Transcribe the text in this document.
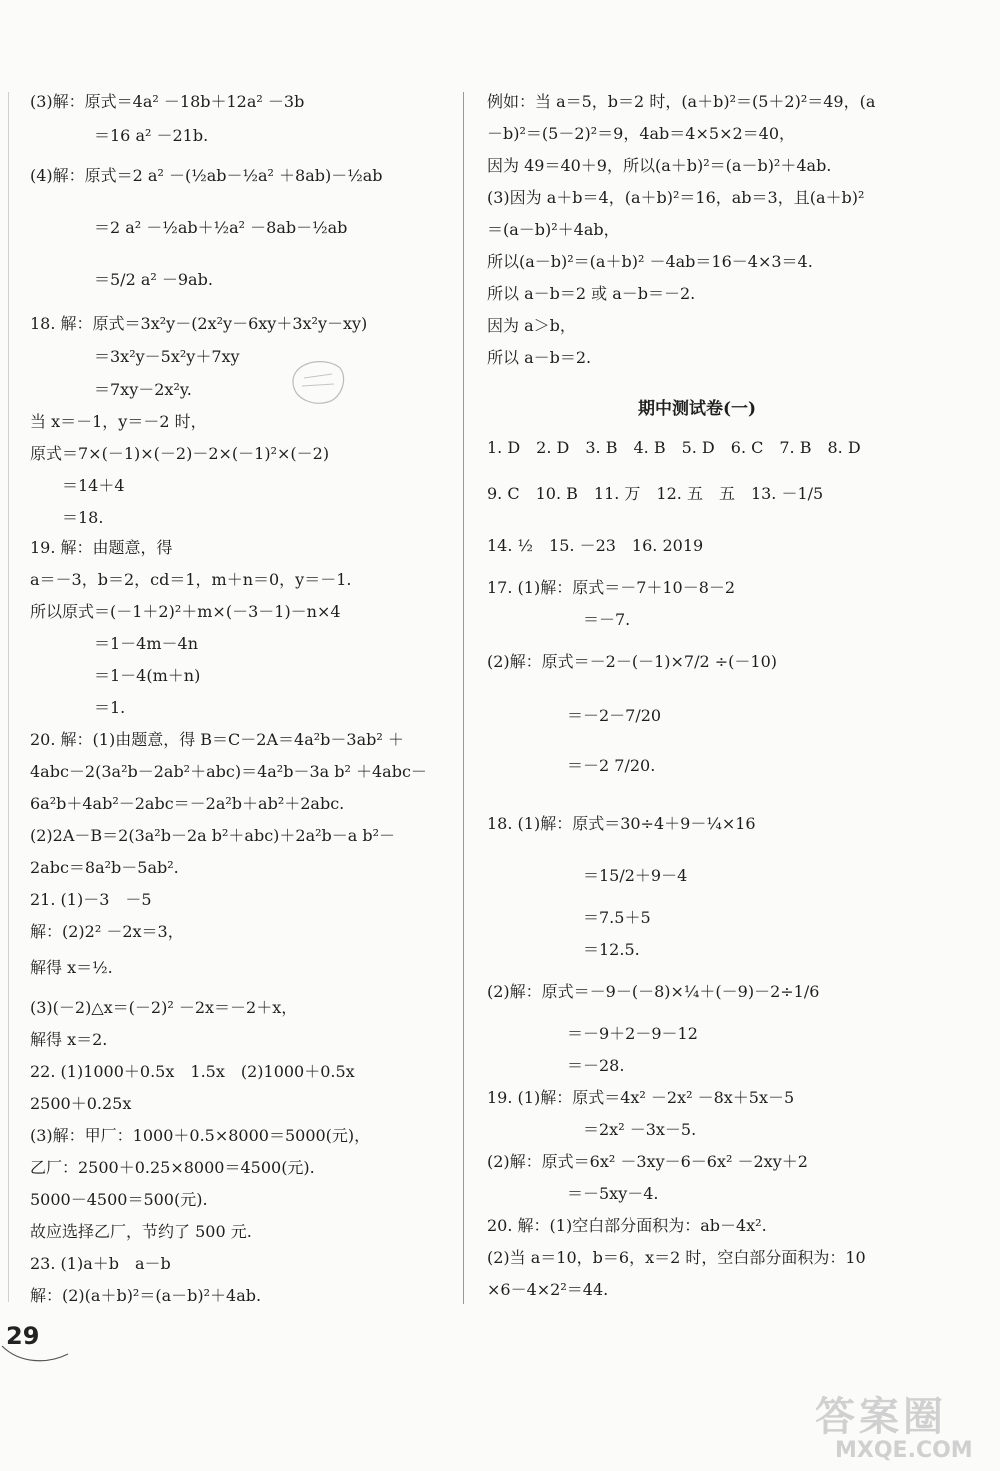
(3)解：原式＝4a² －18b＋12a² －3b
　　　　＝16 a² －21b.
(4)解：原式＝2 a² －(½ab－½a² ＋8ab)－½ab
　　　　＝2 a² －½ab＋½a² －8ab－½ab
　　　　＝5/2 a² －9ab.
18. 解：原式＝3x²y－(2x²y－6xy＋3x²y－xy)
　　　　＝3x²y－5x²y＋7xy
　　　　＝7xy－2x²y.
当 x＝－1，y＝－2 时，
原式＝7×(－1)×(－2)－2×(－1)²×(－2)
　　＝14＋4
　　＝18.
19. 解：由题意，得
a＝－3，b＝2，cd＝1，m＋n＝0，y＝－1.
所以原式＝(－1＋2)²＋m×(－3－1)－n×4
　　　　＝1－4m－4n
　　　　＝1－4(m＋n)
　　　　＝1.
20. 解：(1)由题意，得 B＝C－2A＝4a²b－3ab² ＋
4abc－2(3a²b－2ab²＋abc)＝4a²b－3a b² ＋4abc－
6a²b＋4ab²－2abc＝－2a²b＋ab²＋2abc.
(2)2A－B＝2(3a²b－2a b²＋abc)＋2a²b－a b²－
2abc＝8a²b－5ab².
21. (1)－3　－5
解：(2)2² －2x＝3，
解得 x＝½.
(3)(－2)△x＝(－2)² －2x＝－2＋x，
解得 x＝2.
22. (1)1000＋0.5x　1.5x　(2)1000＋0.5x
2500＋0.25x
(3)解：甲厂：1000＋0.5×8000＝5000(元)，
乙厂：2500＋0.25×8000＝4500(元).
5000－4500＝500(元).
故应选择乙厂，节约了 500 元.
23. (1)a＋b　a－b
解：(2)(a＋b)²＝(a－b)²＋4ab.
例如：当 a＝5，b＝2 时，(a＋b)²＝(5＋2)²＝49，(a
－b)²＝(5－2)²＝9，4ab＝4×5×2＝40，
因为 49＝40＋9，所以(a＋b)²＝(a－b)²＋4ab.
(3)因为 a＋b＝4，(a＋b)²＝16，ab＝3，且(a＋b)²
＝(a－b)²＋4ab，
所以(a－b)²＝(a＋b)² －4ab＝16－4×3＝4.
所以 a－b＝2 或 a－b＝－2.
因为 a＞b，
所以 a－b＝2.
期中测试卷(一)
1. D　2. D　3. B　4. B　5. D　6. C　7. B　8. D
9. C　10. B　11. 万　12. 五　五　13. －1/5
14. ½　15. －23　16. 2019
17. (1)解：原式＝－7＋10－8－2
　　　　　　＝－7.
(2)解：原式＝－2－(－1)×7/2 ÷(－10)
　　　　　＝－2－7/20
　　　　　＝－2 7/20.
18. (1)解：原式＝30÷4＋9－¼×16
　　　　　　＝15/2＋9－4
　　　　　　＝7.5＋5
　　　　　　＝12.5.
(2)解：原式＝－9－(－8)×¼＋(－9)－2÷1/6
　　　　　＝－9＋2－9－12
　　　　　＝－28.
19. (1)解：原式＝4x² －2x² －8x＋5x－5
　　　　　　＝2x² －3x－5.
(2)解：原式＝6x² －3xy－6－6x² －2xy＋2
　　　　　＝－5xy－4.
20. 解：(1)空白部分面积为：ab－4x².
(2)当 a＝10，b＝6，x＝2 时，空白部分面积为：10
×6－4×2²＝44.
29
答案圈
MXQE.COM
